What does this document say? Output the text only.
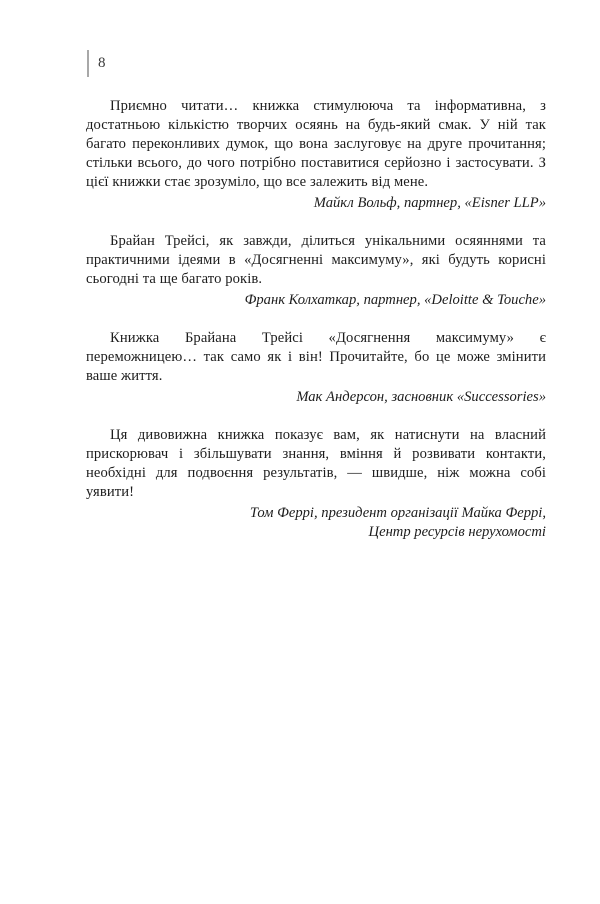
8

Приємно читати… книжка стимулююча та інформативна, з достатньою кількістю творчих осяянь на будь-який смак. У ній так багато переконливих думок, що вона заслуговує на друге прочитання; стільки всього, до чого потрібно поставитися серйозно і застосувати. З цієї книжки стає зрозуміло, що все залежить від мене.

Майкл Вольф, партнер, «Eisner LLP»

Брайан Трейсі, як завжди, ділиться унікальними осяяннями та практичними ідеями в «Досягненні максимуму», які будуть корисні сьогодні та ще багато років.

Франк Колхаткар, партнер, «Deloitte & Touche»

Книжка Брайана Трейсі «Досягнення максимуму» є переможницею… так само як і він! Прочитайте, бо це може змінити ваше життя.

Мак Андерсон, засновник «Successories»

Ця дивовижна книжка показує вам, як натиснути на власний прискорювач і збільшувати знання, вміння й розвивати контакти, необхідні для подвоєння результатів, — швидше, ніж можна собі уявити!

Том Феррі, президент організації Майка Феррі,
Центр ресурсів нерухомості
